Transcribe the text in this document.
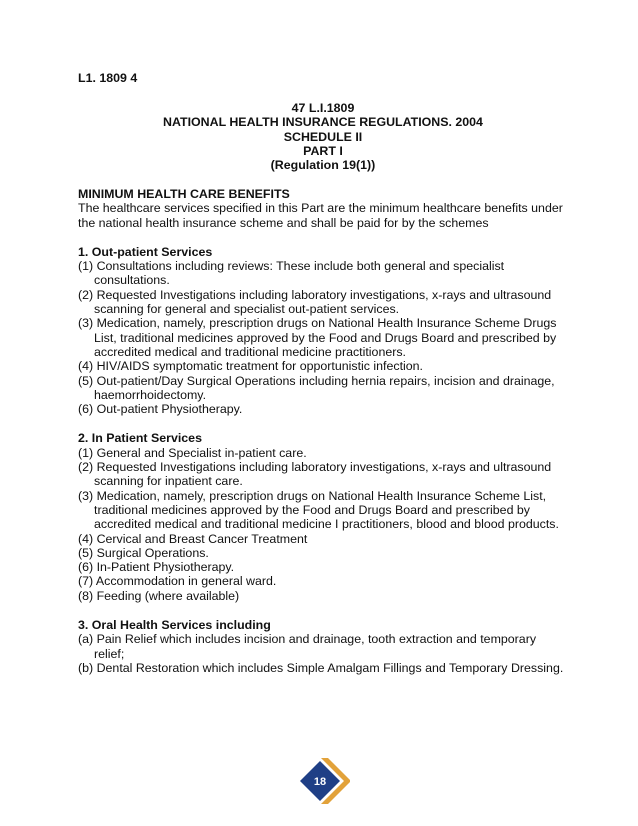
L1. 1809 4
47 L.I.1809
NATIONAL HEALTH INSURANCE REGULATIONS. 2004
SCHEDULE II
PART I
(Regulation 19(1))
MINIMUM HEALTH CARE BENEFITS
The healthcare services specified in this Part are the minimum healthcare benefits under the national health insurance scheme and shall be paid for by the schemes
1. Out-patient Services
(1) Consultations including reviews: These include both general and specialist consultations.
(2) Requested Investigations including laboratory investigations, x-rays and ultrasound scanning for general and specialist out-patient services.
(3) Medication, namely, prescription drugs on National Health Insurance Scheme Drugs List, traditional medicines approved by the Food and Drugs Board and prescribed by accredited medical and traditional medicine practitioners.
(4) HIV/AIDS symptomatic treatment for opportunistic infection.
(5) Out-patient/Day Surgical Operations including hernia repairs, incision and drainage, haemorrhoidectomy.
(6) Out-patient Physiotherapy.
2. In Patient Services
(1) General and Specialist in-patient care.
(2) Requested Investigations including laboratory investigations, x-rays and ultrasound scanning for inpatient care.
(3) Medication, namely, prescription drugs on National Health Insurance Scheme List, traditional medicines approved by the Food and Drugs Board and prescribed by accredited medical and traditional medicine I practitioners, blood and blood products.
(4) Cervical and Breast Cancer Treatment
(5) Surgical Operations.
(6) In-Patient Physiotherapy.
(7) Accommodation in general ward.
(8) Feeding (where available)
3. Oral Health Services including
(a) Pain Relief which includes incision and drainage, tooth extraction and temporary relief;
(b) Dental Restoration which includes Simple Amalgam Fillings and Temporary Dressing.
18
